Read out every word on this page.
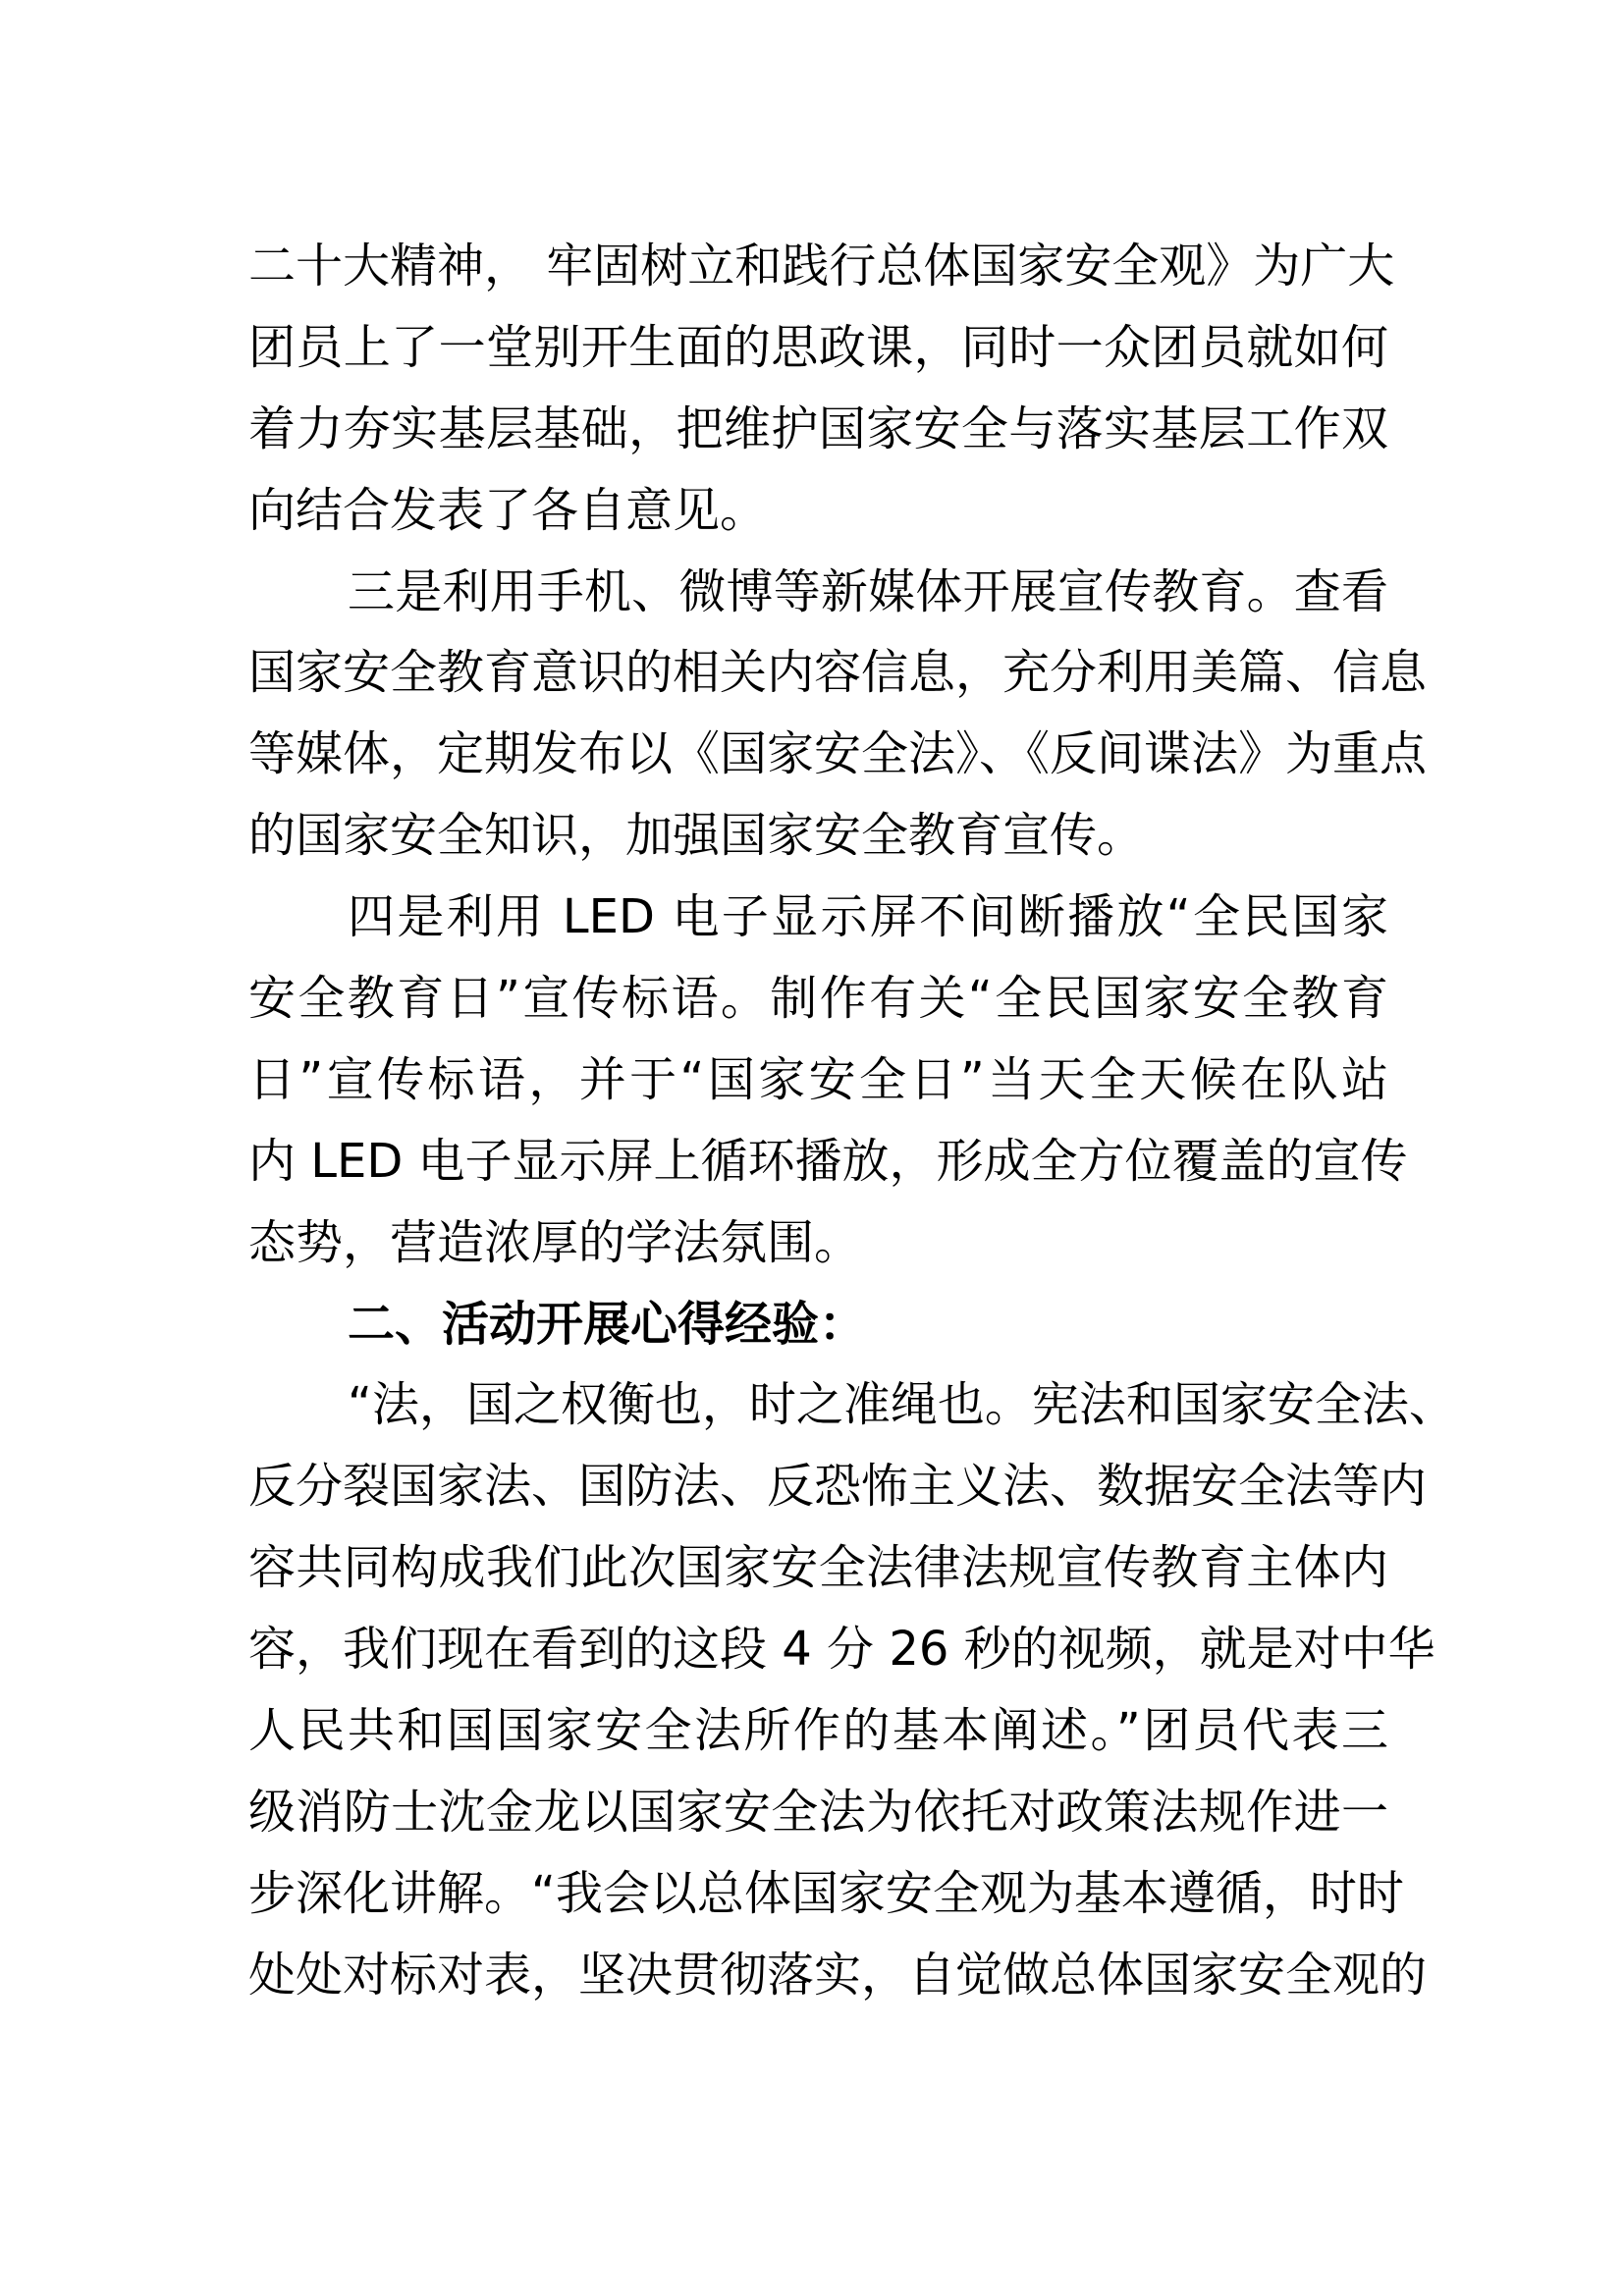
二十大精神， 牢固树立和践行总体国家安全观》为广大
团员上了一堂别开生面的思政课，同时一众团员就如何
着力夯实基层基础，把维护国家安全与落实基层工作双
向结合发表了各自意见。
三是利用手机、微博等新媒体开展宣传教育。查看
国家安全教育意识的相关内容信息，充分利用美篇、信息
等媒体，定期发布以《国家安全法》、《反间谍法》为重点
的国家安全知识，加强国家安全教育宣传。
四是利用 LED 电子显示屏不间断播放“全民国家
安全教育日”宣传标语。制作有关“全民国家安全教育
日”宣传标语，并于“国家安全日”当天全天候在队站
内 LED 电子显示屏上循环播放，形成全方位覆盖的宣传
态势，营造浓厚的学法氛围。
二、活动开展心得经验：
“法，国之权衡也，时之准绳也。宪法和国家安全法、
反分裂国家法、国防法、反恐怖主义法、数据安全法等内
容共同构成我们此次国家安全法律法规宣传教育主体内
容，我们现在看到的这段 4 分 26 秒的视频，就是对中华
人民共和国国家安全法所作的基本阐述。”团员代表三
级消防士沈金龙以国家安全法为依托对政策法规作进一
步深化讲解。“我会以总体国家安全观为基本遵循，时时
处处对标对表，坚决贯彻落实，自觉做总体国家安全观的
